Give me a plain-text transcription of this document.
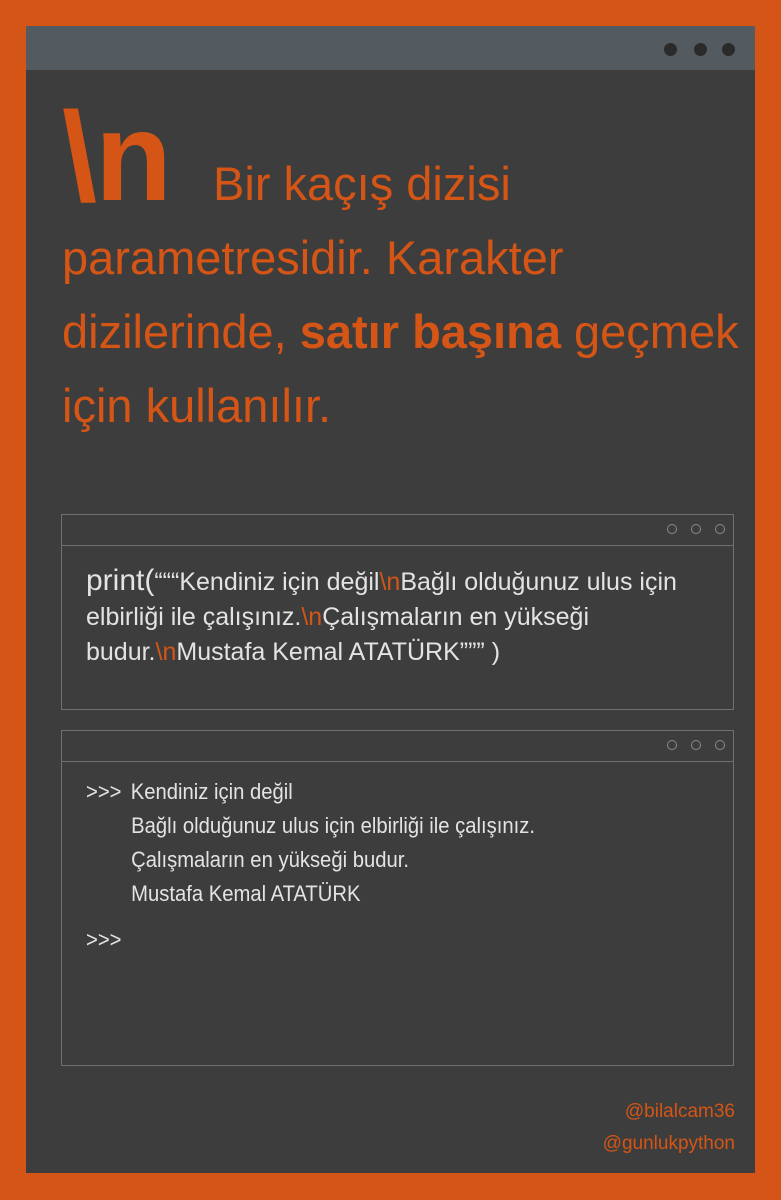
\n Bir kaçış dizisi parametresidir. Karakter dizilerinde, satır başına geçmek için kullanılır.
print(“““Kendiniz için değil\nBağlı olduğunuz ulus için elbirliği ile çalışınız.\nÇalışmaların en yükseği budur.\nMustafa Kemal ATATÜRK””” )
>>> Kendiniz için değil
Bağlı olduğunuz ulus için elbirliği ile çalışınız.
Çalışmaların en yükseği budur.
Mustafa Kemal ATATÜRK
>>>
@bilalcam36
@gunlukpython
